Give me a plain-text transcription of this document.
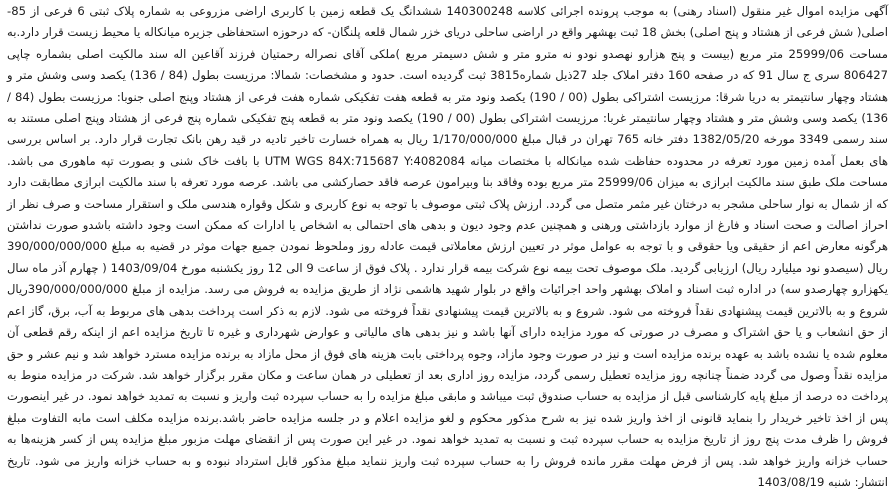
آگهی مزایده اموال غیر منقول (اسناد رهنی) به موجب پرونده اجرائی کلاسه 140300248 ششدانگ یک قطعه زمین با کاربری اراضی مزروعی به شماره پلاک ثبتی 6 فرعی از 85- اصلی( شش فرعی از هشتاد و پنج اصلی) بخش 18 ثبت بهشهر واقع در اراضی ساحلی دریای خزر شمال قلعه پلنگان- که درحوزه استحفاظی جزیره میانکاله یا محیط زیست قرار دارد.به مساحت 25999/06 متر مربع (بیست و پنج هزارو نهصدو نودو نه مترو متر و شش دسیمتر مربع )ملکی آقای نصراله رحمتیان فرزند آقاعین اله سند مالکیت اصلی بشماره چاپی 806427 سری ج سال 91 که در صفحه 160 دفتر املاک جلد 27ذیل شماره3815 ثبت گردیده است. حدود و مشخصات: شمالا: مرزیست بطول (84 / 136) یکصد وسی وشش متر و هشتاد وچهار سانتیمتر به دریا شرقا: مرزیست اشتراکی بطول (00 / 190) یکصد ونود متر به قطعه هفت تفکیکی شماره هفت فرعی از هشتاد وپنج اصلی جنوبا: مرزیست بطول (84 / 136) یکصد وسی وشش متر و هشتاد وچهار سانتیمتر غربا: مرزیست اشتراکی بطول (00 / 190) یکصد ونود متر به قطعه پنج تفکیکی شماره پنج فرعی از هشتاد وپنج اصلی مستند به سند رسمی 3349 مورخه 1382/05/20 دفتر خانه 765 تهران در قبال مبلغ 1/170/000/000 ریال به همراه خسارت تاخیر تادیه در قید رهن بانک تجارت قرار دارد. بر اساس بررسی های بعمل آمده زمین مورد تعرفه در محدوده حفاظت شده میانکاله با مختصات میانه UTM WGS 84X:715687 Y:4082084 با بافت خاک شنی و بصورت تپه ماهوری می باشد. مساحت ملک طبق سند مالکیت ابرازی به میزان 25999/06 متر مربع بوده وفاقد بنا وبیرامون عرصه فاقد حصارکشی می باشد. عرصه مورد تعرفه با سند مالکیت ابرازی مطابقت دارد که از شمال به نوار ساحلی مشجر به درختان غیر مثمر متصل می گردد. ارزش پلاک ثبتی موصوف با توجه به نوع کاربری و شکل وقواره هندسی ملک و استقرار مساحت و صرف نظر از احراز اصالت و صحت اسناد و فارغ از موارد بازداشتی ورهنی و همچنین عدم وجود دیون و بدهی های احتمالی به اشخاص یا ادارات که ممکن است وجود داشته باشدو صورت نداشتن هرگونه معارض اعم از حقیقی ویا حقوقی و با توجه به عوامل موثر در تعیین ارزش معاملاتی قیمت عادله روز وملحوظ نمودن جمیع جهات موثر در قضیه به مبلغ 390/000/000/000 ریال (سیصدو نود میلیارد ریال) ارزیابی گردید. ملک موصوف تحت بیمه نوع شرکت بیمه قرار ندارد . پلاک فوق از ساعت 9 الی 12 روز یکشنبه مورخ 1403/09/04 ( چهارم آذر ماه سال یکهزارو چهارصدو سه) در اداره ثبت اسناد و املاک بهشهر واحد اجرائیات واقع در بلوار شهید هاشمی نژاد از طریق مزایده به فروش می رسد. مزایده از مبلغ 390/000/000/000ریال شروع و به بالاترین قیمت پیشنهادی نقداً فروخته می شود. شروع و به بالاترین قیمت پیشنهادی نقداً فروخته می شود. لازم به ذکر است پرداخت بدهی های مربوط به آب، برق، گاز اعم از حق انشعاب و یا حق اشتراک و مصرف در صورتی که مورد مزایده دارای آنها باشد و نیز بدهی های مالیاتی و عوارض شهرداری و غیره تا تاریخ مزایده اعم از اینکه رقم قطعی آن معلوم شده یا نشده باشد به عهده برنده مزایده است و نیز در صورت وجود مازاد، وجوه پرداختی بابت هزینه های فوق از محل مازاد به برنده مزایده مسترد خواهد شد و نیم عشر و حق مزایده نقداً وصول می گردد ضمناً چنانچه روز مزایده تعطیل رسمی گردد، مزایده روز اداری بعد از تعطیلی در همان ساعت و مکان مقرر برگزار خواهد شد. شرکت در مزایده منوط به پرداخت ده درصد از مبلغ پایه کارشناسی قبل از مزایده به حساب صندوق ثبت میباشد و مابقی مبلغ مزایده را به حساب سپرده ثبت واریز و نسبت به تمدید خواهد نمود. در غیر اینصورت پس از اخذ تاخیر خریدار را بنماید قانونی از اخذ واریز شده نیز به شرح مذکور محکوم و لغو مزایده اعلام و در جلسه مزایده حاضر باشد.برنده مزایده مکلف است مابه التفاوت مبلغ فروش را ظرف مدت پنج روز از تاریخ مزایده به حساب سپرده ثبت و نسبت به تمدید خواهد نمود. در غیر این صورت پس از انقضای مهلت مزبور مبلغ مزایده پس از کسر هزینه‌ها به حساب خزانه واریز خواهد شد. پس از فرض مهلت مقرر مانده فروش را به حساب سپرده ثبت واریز ننماید مبلغ مذکور قابل استرداد نبوده و به حساب خزانه واریز می شود. تاریخ انتشار: شنبه 1403/08/19
